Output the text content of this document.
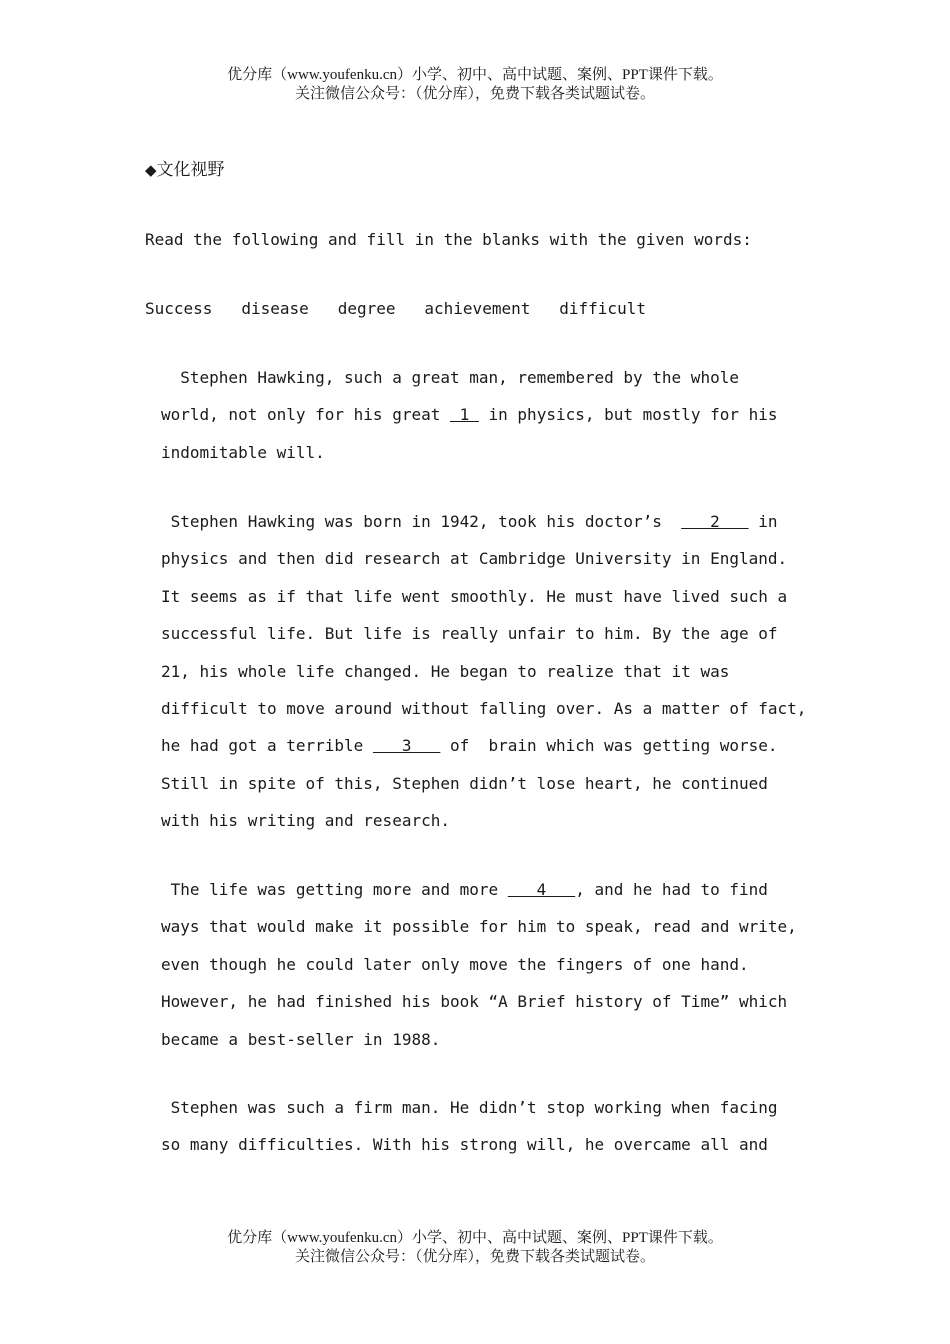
优分库（www.youfenku.cn）小学、初中、高中试题、案例、PPT课件下载。
关注微信公众号：（优分库），免费下载各类试题试卷。
◆文化视野
Read the following and fill in the blanks with the given words:
Success disease degree achievement difficult
Stephen Hawking, such a great man, remembered by the whole
world, not only for his great  1  in physics, but mostly for his
indomitable will.
Stephen Hawking was born in 1942, took his doctor’s     2    in
physics and then did research at Cambridge University in England.
It seems as if that life went smoothly. He must have lived such a
successful life. But life is really unfair to him. By the age of
21, his whole life changed. He began to realize that it was
difficult to move around without falling over. As a matter of fact,
he had got a terrible    3    of  brain which was getting worse.
Still in spite of this, Stephen didn’t lose heart, he continued
with his writing and research.
The life was getting more and more    4   , and he had to find
ways that would make it possible for him to speak, read and write,
even though he could later only move the fingers of one hand.
However, he had finished his book “A Brief history of Time” which
became a best-seller in 1988.
Stephen was such a firm man. He didn’t stop working when facing
so many difficulties. With his strong will, he overcame all and
优分库（www.youfenku.cn）小学、初中、高中试题、案例、PPT课件下载。
关注微信公众号：（优分库），免费下载各类试题试卷。
